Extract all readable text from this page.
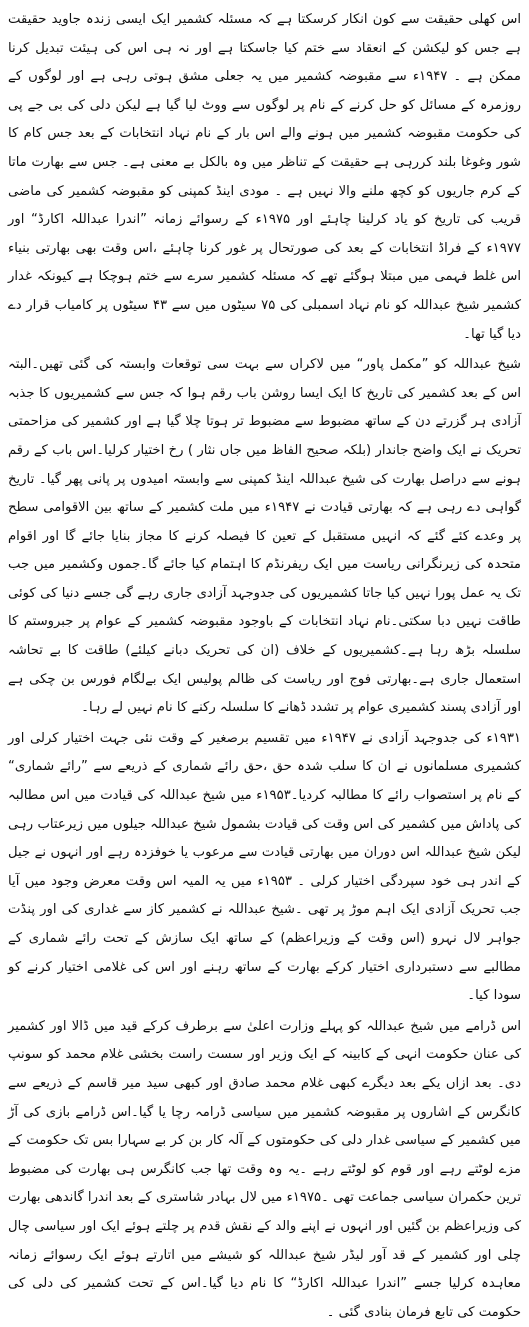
اس کھلی حقیقت سے کون انکار کرسکتا ہے کہ مسئلہ کشمیر ایک ایسی زندہ جاوید حقیقت ہے جس کو لیکشن کے انعقاد سے ختم کیا جاسکتا ہے اور نہ ہی اس کی ہیئت تبدیل کرنا ممکن ہے ۔ ۱۹۴۷ء سے مقبوضہ کشمیر میں یہ جعلی مشق ہوتی رہی ہے اور لوگوں کے روزمرہ کے مسائل کو حل کرنے کے نام پر لوگوں سے ووٹ لیا گیا ہے لیکن دلی کی بی جے پی کی حکومت مقبوضہ کشمیر میں ہونے والے اس بار کے نام نہاد انتخابات کے بعد جس کام کا شور وغوغا بلند کررہی ہے حقیقت کے تناظر میں وہ بالکل بے معنی ہے۔ جس سے بھارت ماتا کے کرم جاریوں کو کچھ ملنے والا نہیں ہے ۔ مودی اینڈ کمپنی کو مقبوضہ کشمیر کی ماضی قریب کی تاریخ کو یاد کرلینا چاہئے اور ۱۹۷۵ء کے رسوائے زمانہ ”اندرا عبداللہ اکارڈ“ اور ۱۹۷۷ء کے فراڈ انتخابات کے بعد کی صورتحال پر غور کرنا چاہئے ،اس وقت بھی بھارتی بنیاء اس غلط فہمی میں مبتلا ہوگئے تھے کہ مسئلہ کشمیر سرے سے ختم ہوچکا ہے کیونکہ غدار کشمیر شیخ عبداللہ کو نام نہاد اسمبلی کی ۷۵ سیٹوں میں سے ۴۳ سیٹوں پر کامیاب قرار دے دیا گیا تھا۔

شیخ عبداللہ کو ”مکمل پاور“ میں لاکراں سے بہت سی توقعات وابستہ کی گئی تھیں۔البتہ اس کے بعد کشمیر کی تاریخ کا ایک ایسا روشن باب رقم ہوا کہ جس سے کشمیریوں کا جذبہ آزادی ہر گزرتے دن کے ساتھ مضبوط سے مضبوط تر ہوتا چلا گیا ہے اور کشمیر کی مزاحمتی تحریک نے ایک واضح جاندار (بلکہ صحیح الفاظ میں جاں نثار ) رخ اختیار کرلیا۔اس باب کے رقم ہونے سے دراصل بھارت کی شیخ عبداللہ اینڈ کمپنی سے وابستہ امیدوں پر پانی پھر گیا۔ تاریخ گواہی دے رہی ہے کہ بھارتی قیادت نے ۱۹۴۷ء میں ملت کشمیر کے ساتھ بین الاقوامی سطح پر وعدے کئے گئے کہ انہیں مستقبل کے تعین کا فیصلہ کرنے کا مجاز بنایا جائے گا اور اقوام متحدہ کی زیرنگرانی ریاست میں ایک ریفرنڈم کا اہتمام کیا جائے گا۔جموں وکشمیر میں جب تک یہ عمل پورا نہیں کیا جاتا کشمیریوں کی جدوجہد آزادی جاری رہے گی جسے دنیا کی کوئی طاقت نہیں دبا سکتی۔نام نہاد انتخابات کے باوجود مقبوضہ کشمیر کے عوام پر جبروستم کا سلسلہ بڑھ رہا ہے۔کشمیریوں کے خلاف (ان کی تحریک دبانے کیلئے) طاقت کا بے تحاشہ استعمال جاری ہے۔بھارتی فوج اور ریاست کی ظالم پولیس ایک بےلگام فورس بن چکی ہے اور آزادی پسند کشمیری عوام پر تشدد ڈھانے کا سلسلہ رکنے کا نام نہیں لے رہا۔

۱۹۳۱ء کی جدوجہد آزادی نے ۱۹۴۷ء میں تقسیم برصغیر کے وقت نئی جہت اختیار کرلی اور کشمیری مسلمانوں نے ان کا سلب شدہ حق ،حق رائے شماری کے ذریعے سے ”رائے شماری“ کے نام پر استصواب رائے کا مطالبہ کردیا۔۱۹۵۳ء میں شیخ عبداللہ کی قیادت میں اس مطالبہ کی پاداش میں کشمیر کی اس وقت کی قیادت بشمول شیخ عبداللہ جیلوں میں زیرعتاب رہی لیکن شیخ عبداللہ اس دوران میں بھارتی قیادت سے مرعوب یا خوفزدہ رہے اور انہوں نے جیل کے اندر ہی خود سپردگی اختیار کرلی ۔ ۱۹۵۳ء میں یہ المیہ اس وقت معرض وجود میں آیا جب تحریک آزادی ایک اہم موڑ پر تھی ۔شیخ عبداللہ نے کشمیر کاز سے غداری کی اور پنڈت جواہر لال نہرو (اس وقت کے وزیراعظم) کے ساتھ ایک سازش کے تحت رائے شماری کے مطالبے سے دستبرداری اختیار کرکے بھارت کے ساتھ رہنے اور اس کی غلامی اختیار کرنے کو سودا کیا۔

اس ڈرامے میں شیخ عبداللہ کو پہلے وزارت اعلیٰ سے برطرف کرکے قید میں ڈالا اور کشمیر کی عنان حکومت انہی کے کابینہ کے ایک وزیر اور سست راست بخشی غلام محمد کو سونپ دی۔ بعد ازاں یکے بعد دیگرے کبھی غلام محمد صادق اور کبھی سید میر قاسم کے ذریعے سے کانگرس کے اشاروں پر مقبوضہ کشمیر میں سیاسی ڈرامہ رچا یا گیا۔اس ڈرامے بازی کی آڑ میں کشمیر کے سیاسی غدار دلی کی حکومتوں کے آلہ کار بن کر بے سہارا بس تک حکومت کے مزے لوٹتے رہے اور قوم کو لوٹتے رہے ۔یہ وہ وقت تھا جب کانگرس ہی بھارت کی مضبوط ترین حکمران سیاسی جماعت تھی ۔۱۹۷۵ء میں لال بہادر شاستری کے بعد اندرا گاندھی بھارت کی وزیراعظم بن گئیں اور انہوں نے اپنے والد کے نقش قدم پر چلتے ہوئے ایک اور سیاسی چال چلی اور کشمیر کے قد آور لیڈر شیخ عبداللہ کو شیشے میں اتارتے ہوئے ایک رسوائے زمانہ معاہدہ کرلیا جسے ”اندرا عبداللہ اکارڈ“ کا نام دیا گیا۔اس کے تحت کشمیر کی دلی کی حکومت کی تابع فرمان بنادی گئی ۔
